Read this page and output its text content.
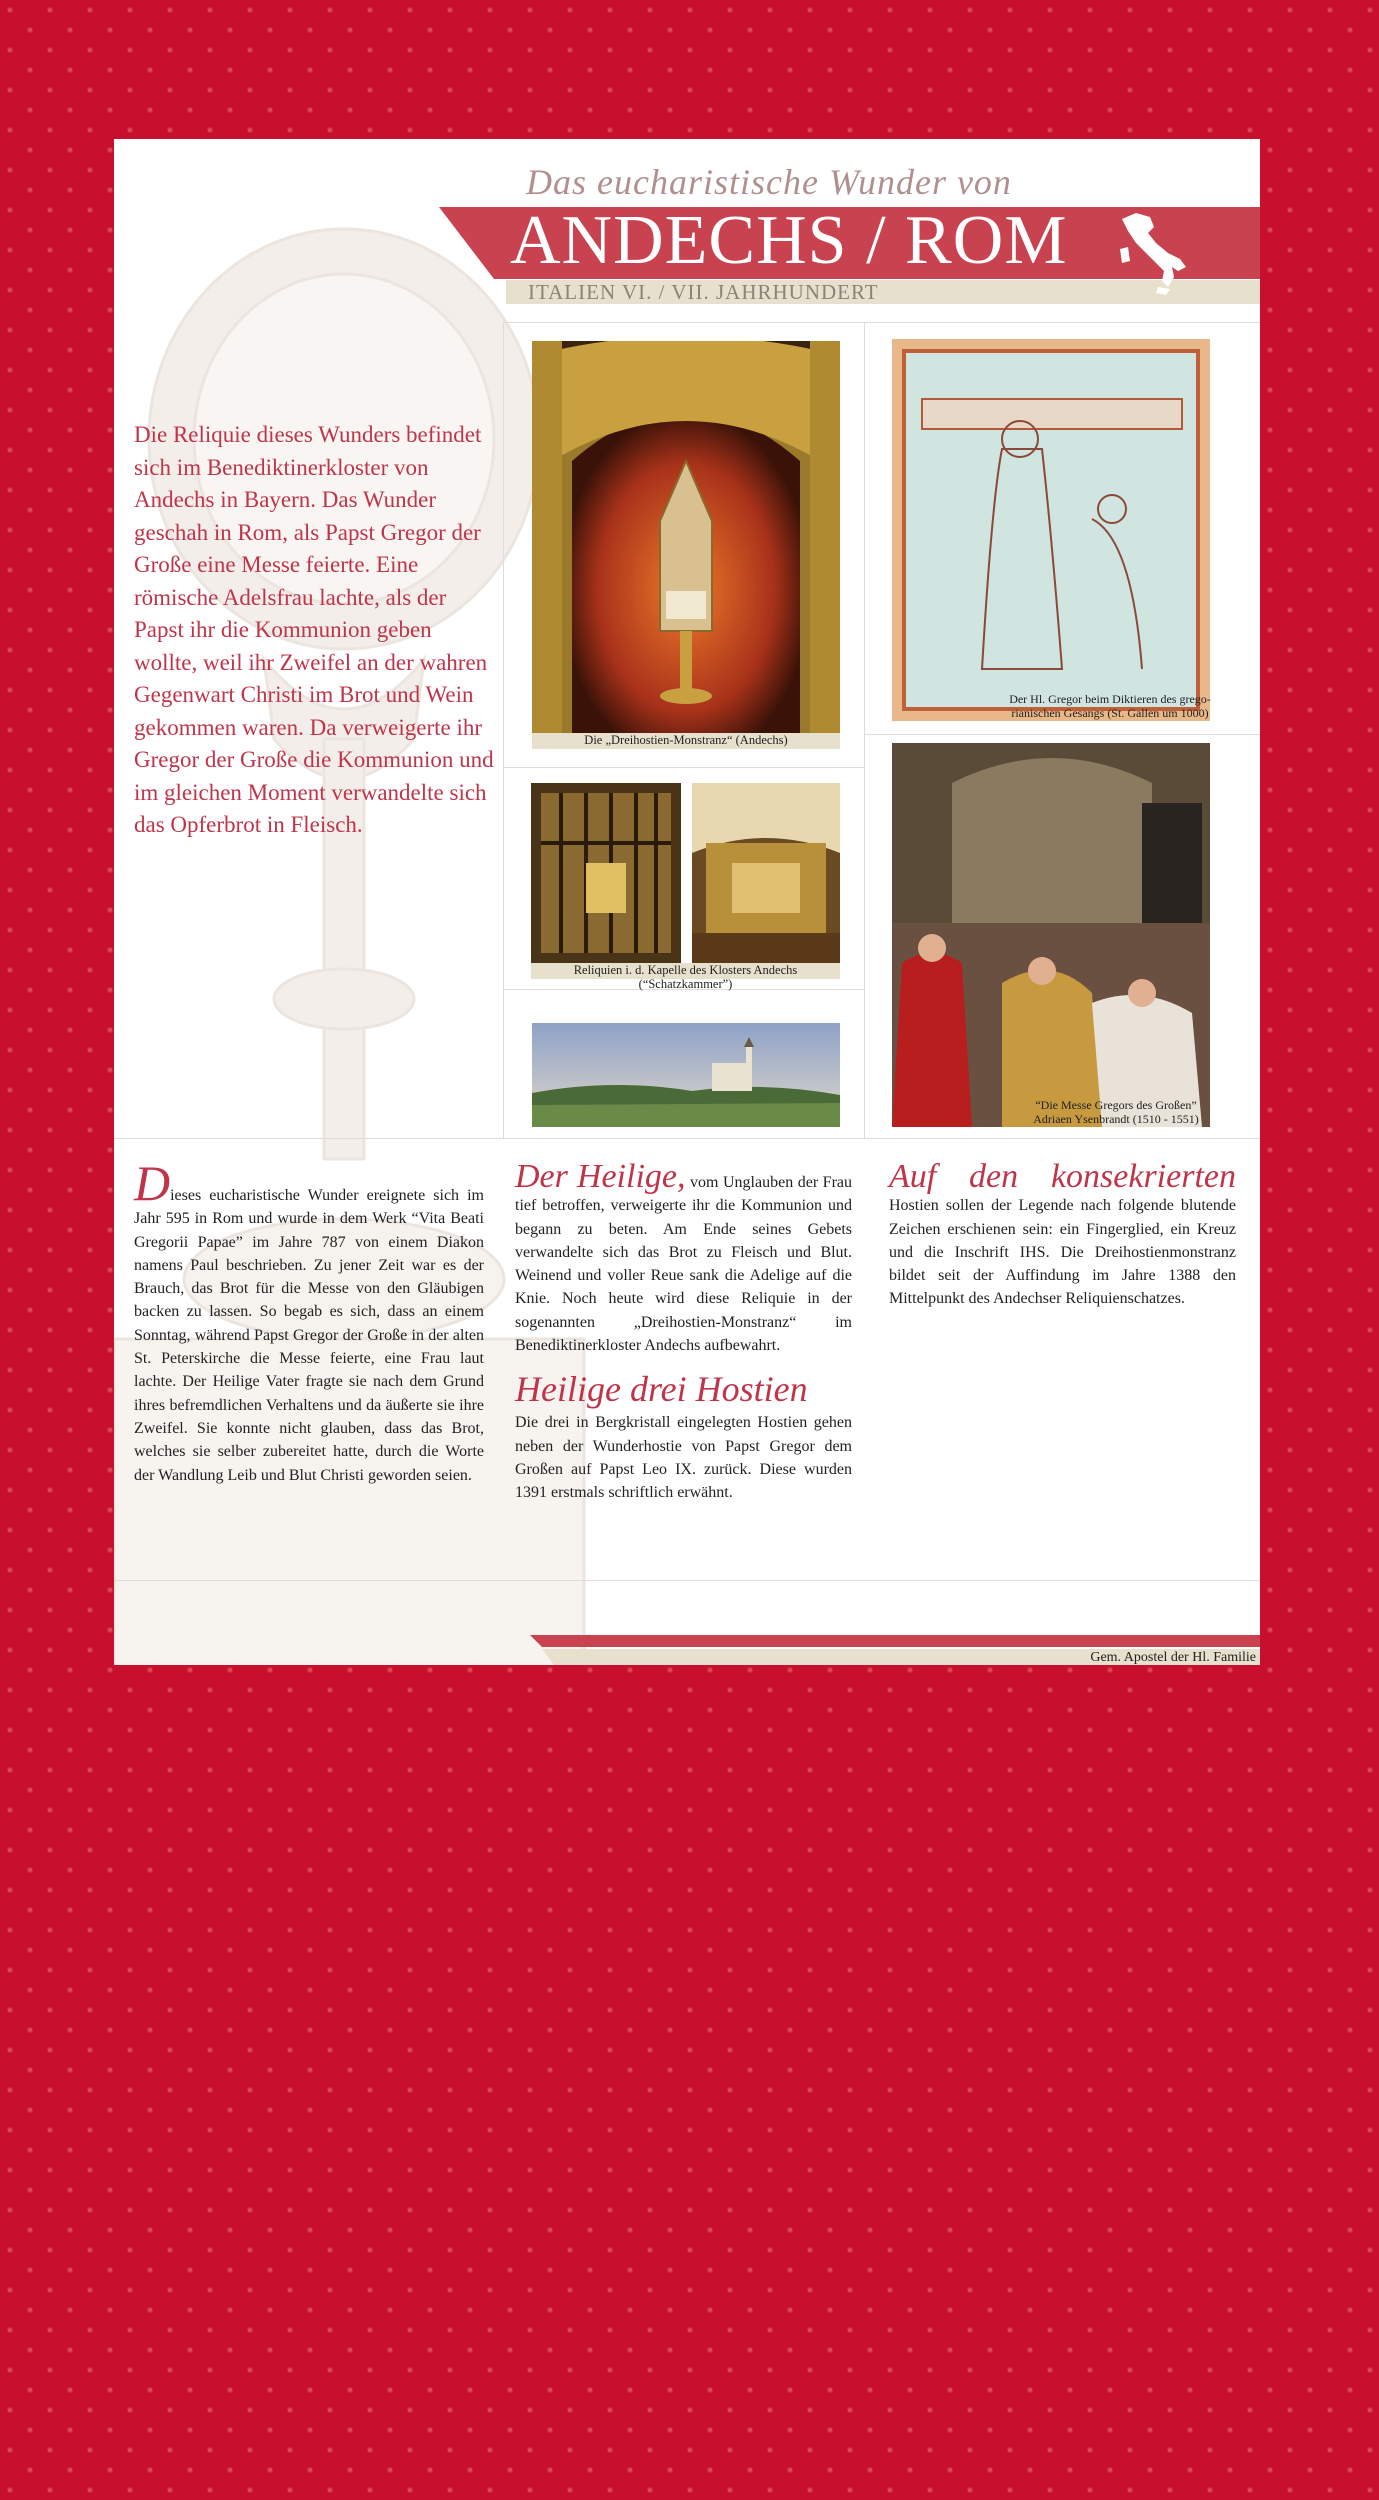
Das eucharistische Wunder von
ANDECHS / ROM
ITALIEN VI. / VII. JAHRHUNDERT
Die Reliquie dieses Wunders befindet sich im Benediktinerkloster von Andechs in Bayern. Das Wunder geschah in Rom, als Papst Gregor der Große eine Messe feierte. Eine römische Adelsfrau lachte, als der Papst ihr die Kommunion geben wollte, weil ihr Zweifel an der wahren Gegenwart Christi im Brot und Wein gekommen waren. Da verweigerte ihr Gregor der Große die Kommunion und im gleichen Moment verwandelte sich das Opferbrot in Fleisch.
Die „Dreihostien-Monstranz“ (Andechs)
Reliquien i. d. Kapelle des Klosters Andechs (“Schatzkammer”)
Der Hl. Gregor beim Diktieren des grego-
rianischen Gesangs (St. Gallen um 1000)
“Die Messe Gregors des Großen”
Adriaen Ysenbrandt (1510 - 1551)
Dieses eucharistische Wunder ereignete sich im Jahr 595 in Rom und wurde in dem Werk “Vita Beati Gregorii Papae” im Jahre 787 von einem Diakon namens Paul beschrieben. Zu jener Zeit war es der Brauch, das Brot für die Messe von den Gläubigen backen zu lassen. So begab es sich, dass an einem Sonntag, während Papst Gregor der Große in der alten St. Peterskirche die Messe feierte, eine Frau laut lachte. Der Heilige Vater fragte sie nach dem Grund ihres befremdlichen Verhaltens und da äußerte sie ihre Zweifel. Sie konnte nicht glauben, dass das Brot, welches sie selber zubereitet hatte, durch die Worte der Wandlung Leib und Blut Christi geworden seien.
Der Heilige, vom Unglauben der Frau tief betroffen, verweigerte ihr die Kommunion und begann zu beten. Am Ende seines Gebets verwandelte sich das Brot zu Fleisch und Blut. Weinend und voller Reue sank die Adelige auf die Knie. Noch heute wird diese Reliquie in der sogenannten „Dreihostien-Monstranz“ im Benediktinerkloster Andechs aufbewahrt.
Heilige drei Hostien
Die drei in Bergkristall eingelegten Hostien gehen neben der Wunderhostie von Papst Gregor dem Großen auf Papst Leo IX. zurück. Diese wurden 1391 erstmals schriftlich erwähnt.
Auf den konsekrierten Hostien sollen der Legende nach folgende blutende Zeichen erschienen sein: ein Fingerglied, ein Kreuz und die Inschrift IHS. Die Dreihostienmonstranz bildet seit der Auffindung im Jahre 1388 den Mittelpunkt des Andechser Reliquienschatzes.
Gem. Apostel der Hl. Familie
